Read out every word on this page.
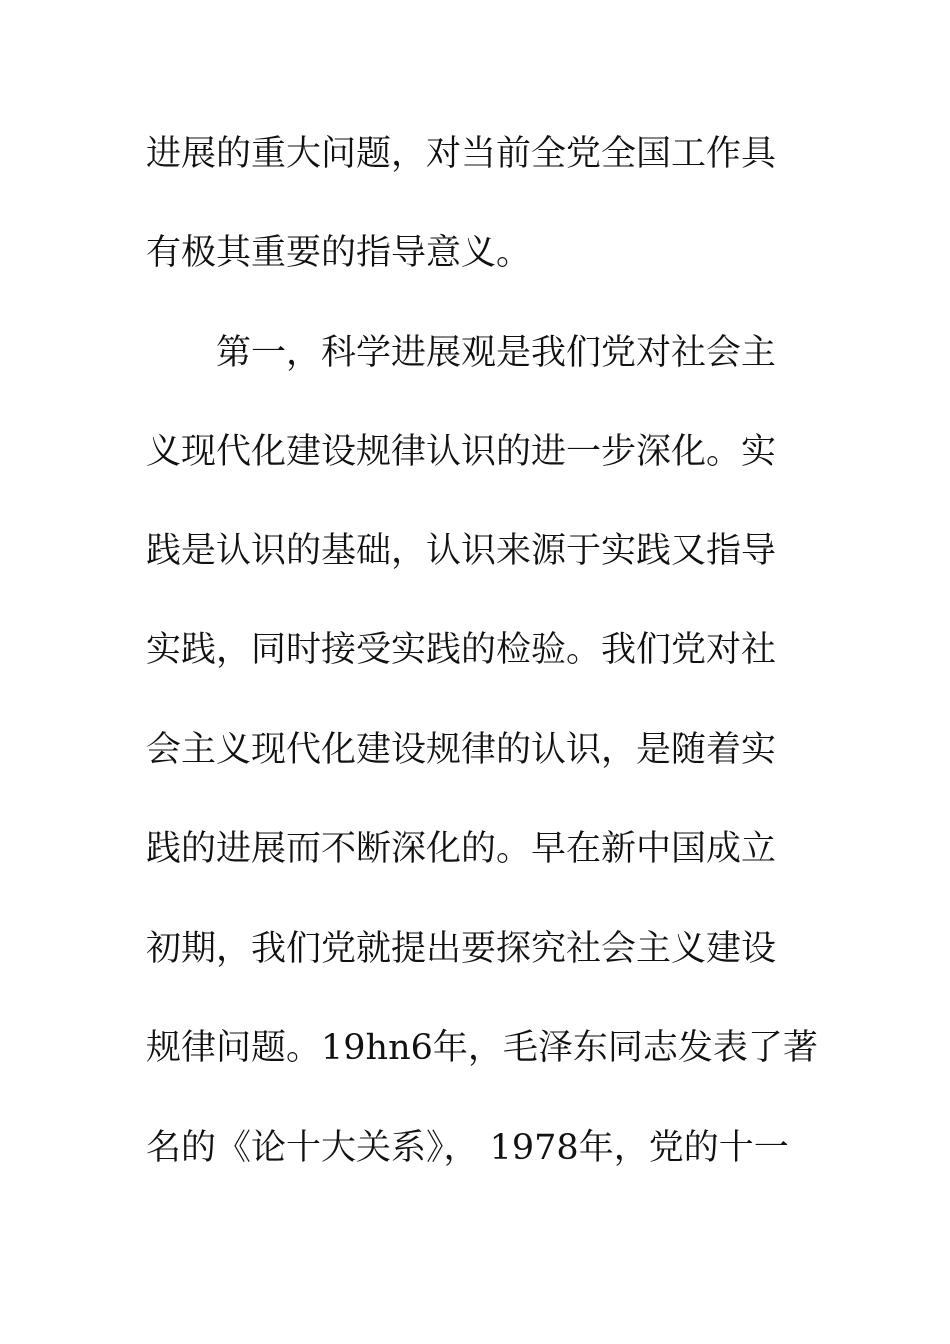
进展的重大问题，对当前全党全国工作具
有极其重要的指导意义。
　　第一，科学进展观是我们党对社会主
义现代化建设规律认识的进一步深化。实
践是认识的基础，认识来源于实践又指导
实践，同时接受实践的检验。我们党对社
会主义现代化建设规律的认识，是随着实
践的进展而不断深化的。早在新中国成立
初期，我们党就提出要探究社会主义建设
规律问题。19hn6年，毛泽东同志发表了著
名的《论十大关系》， 1978年，党的十一
